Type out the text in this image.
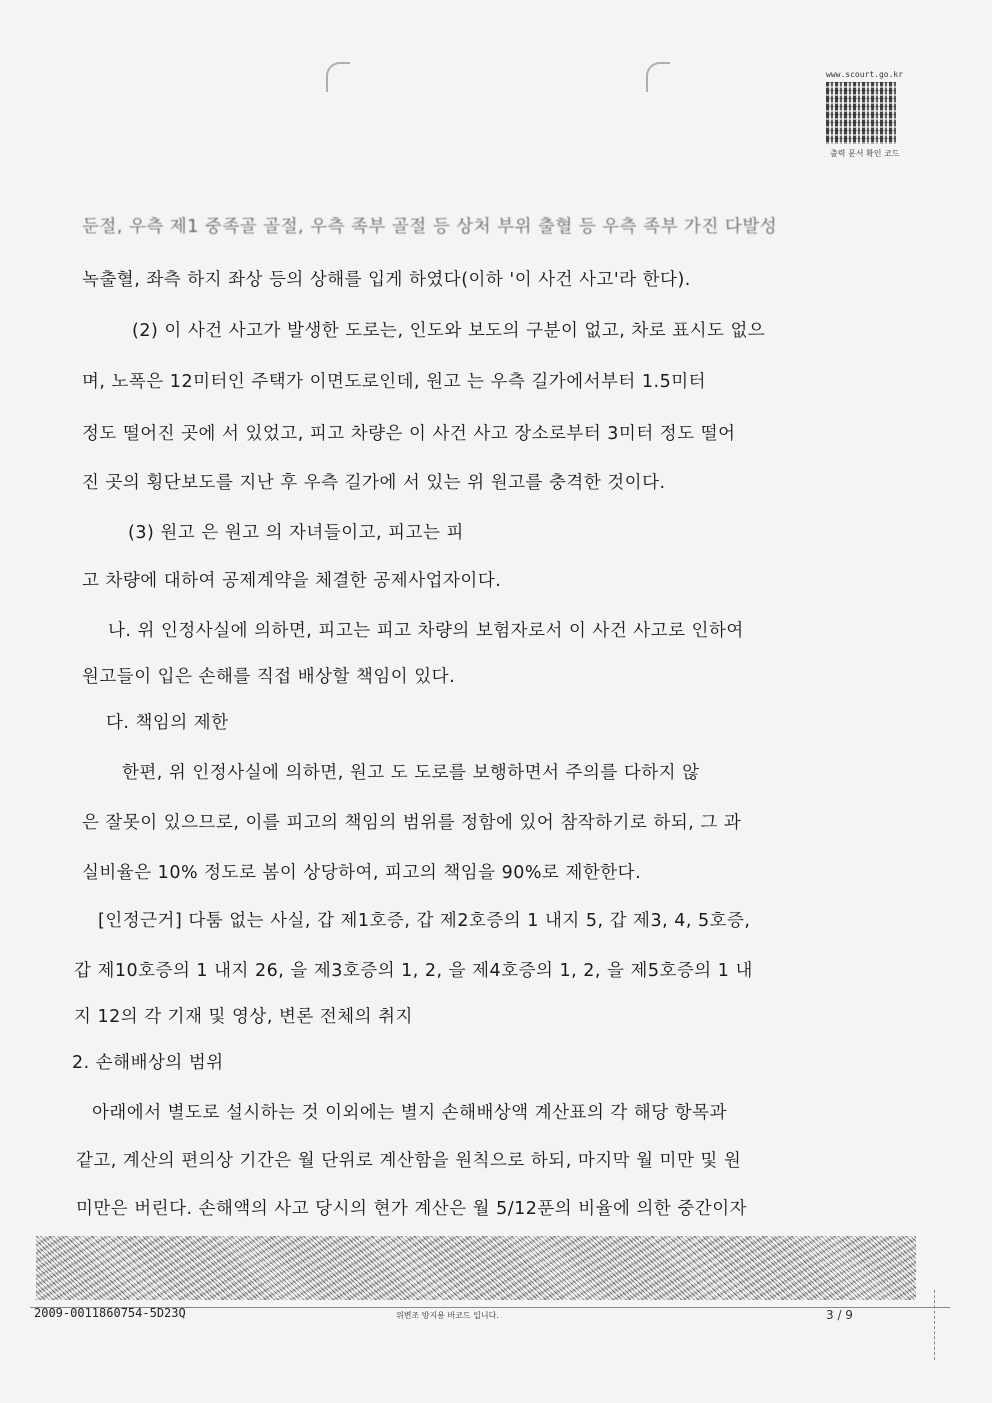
www.scourt.go.kr
출력 문서 확인 코드
둔절, 우측 제1 중족골 골절, 우측 족부 골절 등 상처 부위 출혈 등 우측 족부 가진 다발성
녹출혈, 좌측 하지 좌상 등의 상해를 입게 하였다(이하 '이 사건 사고'라 한다).
(2) 이 사건 사고가 발생한 도로는, 인도와 보도의 구분이 없고, 차로 표시도 없으
며, 노폭은 12미터인 주택가 이면도로인데, 원고 는 우측 길가에서부터 1.5미터
정도 떨어진 곳에 서 있었고, 피고 차량은 이 사건 사고 장소로부터 3미터 정도 떨어
진 곳의 횡단보도를 지난 후 우측 길가에 서 있는 위 원고를 충격한 것이다.
(3) 원고 은 원고 의 자녀들이고, 피고는 피
고 차량에 대하여 공제계약을 체결한 공제사업자이다.
나. 위 인정사실에 의하면, 피고는 피고 차량의 보험자로서 이 사건 사고로 인하여
원고들이 입은 손해를 직접 배상할 책임이 있다.
다. 책임의 제한
한편, 위 인정사실에 의하면, 원고 도 도로를 보행하면서 주의를 다하지 않
은 잘못이 있으므로, 이를 피고의 책임의 범위를 정함에 있어 참작하기로 하되, 그 과
실비율은 10% 정도로 봄이 상당하여, 피고의 책임을 90%로 제한한다.
[인정근거] 다툼 없는 사실, 갑 제1호증, 갑 제2호증의 1 내지 5, 갑 제3, 4, 5호증,
갑 제10호증의 1 내지 26, 을 제3호증의 1, 2, 을 제4호증의 1, 2, 을 제5호증의 1 내
지 12의 각 기재 및 영상, 변론 전체의 취지
2. 손해배상의 범위
아래에서 별도로 설시하는 것 이외에는 별지 손해배상액 계산표의 각 해당 항목과
같고, 계산의 편의상 기간은 월 단위로 계산함을 원칙으로 하되, 마지막 월 미만 및 원
미만은 버린다. 손해액의 사고 당시의 현가 계산은 월 5/12푼의 비율에 의한 중간이자
2009-0011860754-5D23Q	위변조 방지용 바코드 입니다.	3 / 9
